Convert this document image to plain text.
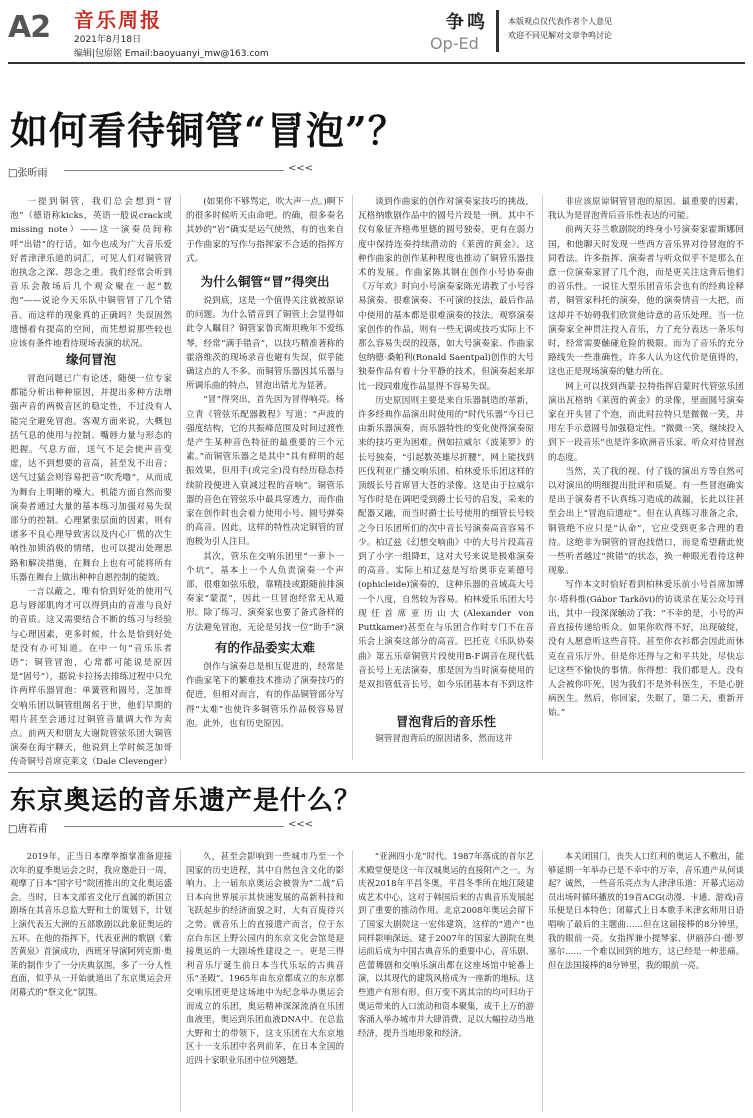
A2 音乐周报
2021年8月18日
编辑|包原铭 Email:baoyuanyi_mw@163.com
争鸣
Op-Ed
本版观点仅代表作者个人意见
欢迎不同见解对文章争鸣讨论
如何看待铜管“冒泡”？
□张昕雨	<<<

一提到铜管，我们总会想到“冒泡”（德语称kicks，英语一般说crack或missing note）——这一演奏员间称呼“出错”的行话，如今也成为广大音乐爱好者津津乐道的词汇，可见人们对铜管冒泡执念之深、怨念之重。我们经常会听到音乐会散场后几个观众聚在一起“数泡”——说论今天乐队中铜管冒了几个错音。而这样的现象真的正确吗？失误固然遗憾着有提高的空间，而凭想说那些较也应该有条件地看待现场表演的状况。

缘何冒泡

冒泡问题已广有论述，随便一位专家都能分析出种种原因，并提出多种方法增强声音的两极音区的稳定性，不过没有人能完全避免冒泡。客观方面来说，大概包括气息的使用与控制、嘴唇力量与形态的把握。气息方面，送气不足会使声音变虚，达不到想要的音高，甚至发不出音；送气过猛会则容易把音“吹秃噜”，从而成为舞台上明晰的噪大。机能方面自然而要演奏者通过大量的基本练习加强对易失误部分的控制。心理紧张层面的因素，则有诸多不良心理导致害以及内心厂慌的次生响性加锁消极的情绪，也可以提出处理思路和解决措施，在舞台上也有可能将所有乐器在舞台上做出种种自愿控制的能效。

一言以蔽之，唯有恰到好处的使用气息与唇部肌肉才可以得到由的音准与良好的音质。这又需要结合不断的练习与经验与心理因素，更多时候，什么是恰到好处是没有办可知道。在中一句“音乐乐者语”；铜管冒泡，心常都可能说是原因是“固号”），据说卡拉扬去排练过程中只允许两样乐器冒泡：单簧管和圆号，芝加哥交响乐团以铜管组阁名于世，他们早期的唱片甚至会通过过铜管音量调大作为卖点。前两天和朋友大谢院管弦乐团大铜管演奏在海宇聊天，他说到上学时候芝加哥传奇铜号首席克莱文（Dale Clevenger）

(如果你不够骂定，吹大声一点。)啊下的很多时候听天由命吧。的确，很多奏名其妙的“岩”确实是运气使然，有的也来自于作曲家的写作与指挥家不合适的指挥方式。

为什么铜管“冒”得突出

说到底，这是一个值得关注就被原谅的问题。为什么错音到了铜管上会显得如此令人瞩目？铜管家鲁宾斯坦晚年不爱练琴，经常“满手错音”，以技巧精准著称的霍洛维茨的现场录音也避有失误，似乎能确这点的人不多。而铜管乐器因其乐器与所调乐曲的特点，冒泡出错尤为显著。

“冒”得突出，首先因为冒得响亮。杨立青《管弦乐配器教程》写道：“声波的强度结构，它的共振峰范围及时间过渡性是产生某种音色特征的最重要的三个元素。”而铜管乐器之是其中“具有鲜明的起振效果，但用手(或完全)没有经历稳态持续阶段便进入衰减过程的音响”。铜管乐器的音色在管弦乐中最具穿透力，而作曲家在创作时也会着力使用小号、圆号弹奏的高音。因此，这样的特性决定铜管的冒泡极为引人注目。

其次，管乐在交响乐团里“一萝卜一个坑”，基本上一个人负责演奏一个声部，很难如弦乐般，靠精技或跟随前排演奏家“蒙混”，因此一旦冒泡经常无从遁形。除了练习，演奏家也要了备式备样的方法避免冒泡，无论是另找一位“助手”演

有的作品委实太难

创作与演奏总是相互促进的，经常是作曲家笔下的繁难技术推动了演奏技巧的促进，但相对而言，有的作品铜管部分写得“太难”也使许多铜管乐作品极容易冒泡。此外，也有历史原因。

谈到作曲家的创作对演奏家技巧的挑战，瓦格纳歌剧作品中的圆号片段是一例。其中不仅有象征齐格弗里德的圆号独奏，更有在弱力度中保持连奏持续潜动的《莱茵的黄金》。这种作曲家的创作某种程度也推动了铜管乐器技术的发展。作曲家陈其钢在创作小号协奏曲《万年欢》时向小号演奏家陈光请教了小号容易演奏、很难演奏、不可演的技法，最后作品中使用的基本都是很难演奏的技法。观察演奏家创作的作品，则有一些无调或技巧实际上不那么容易失误的段落，如大号演奏家、作曲家包纳德·桑帕利(Ronald Saentpal)创作的大号独奏作品有着十分平静的技术，但演奏起来却比一段同难度作品显得不容易失误。

历史原因则主要是来自乐器制造的革新，许多经典作品演出时使用的“时代乐器”今日已由新乐器演奏，而乐器特性的变化使得演奏原来的技巧更为困难。例如拉威尔《波莱罗》的长号独奏，“引起数英雄尽折腰”，网上能找到匹伐利亚广播交响乐团、柏林爱乐乐团这样的顶级长号首席冒大苍的录像。这是由于拉威尔写作时是在调吧受到爵士长号的启发，采来的配器又融，而当时爵士长号使用的细管长号较之今日乐团所们的次中音长号演奏高音容易不少。柏辽兹《幻想交响曲》中的大号片段高音到了小字一组降E，这对大号来说是极难演奏的高音。实际上柏辽兹是写给奥菲克莱德号(ophicleide)演奏的，这种乐器的音域高大号一个八度，自然较为容易。柏林爱乐乐团大号现任首席亚历山大(Alexander von Puttkamer)甚至在与乐团合作时专门不在音乐会上演奏这部分的高音。巴托克《乐队协奏曲》第五乐章铜管片段使用B-F调音在现代低音长号上无法演奏，那是因为当时演奏使用的是双扣管低音长号，如今乐团基本有不到这件

冒泡背后的音乐性

铜管冒泡背后的原因诸多，然而这并

非应该原谅铜管冒泡的原因。最重要的因素，我认为是冒泡背后音乐性表达的可能。

前两天芬兰歌剧院的终身小号演奏家霍斯娜回国，和他聊天时发现一些西方音乐界对待冒泡的不同看法。许多指挥、演奏者与听众似乎不是那么在意一位演奏家冒了几个泡，而是更关注这背后他们的音乐性。一说往大型乐团音乐会也有的经典诠释者，铜管家科托的演奏，他的演奏情音一大把，而这却并不妨碍我们欣赏他诗意的音乐处理。当一位演奏家全神贯注投入音乐，力了充分表达一条乐句时，经常需要触碰危险的极限。而为了音乐的充分路线失一些准确性，许多人认为这代价是值得的，这也正是现场演奏的魅力所在。

网上可以找到西蒙·拉特指挥启蒙时代管弦乐团演出瓦格纳《莱茵的黄金》的录像，里面圆号演奏家在开头冒了个泡，而此时拉特只是微微一笑，并用左手示意圆号加强稳定性。“微微一笑，继续投入到下一段音乐”也是许多欧洲音乐家、听众对待冒泡的态度。

当然，关了我的视、付了钱的演出方等自然可以对演出的明细提出批评和质疑。有一些冒泡确实是出于演奏者不认真练习造成的疏漏，长此以往甚至会出上“冒泡后遗症”。但在认真练习准备之余，铜管绝不应只是“认命”，它应受到更多合理的看待。这绝非为铜管的冒泡找借口，而是希望藉此使一些听者越过“挑错”的状态，换一种眼光看待这种现象。

写作本文时恰好看到柏林爱乐前小号首席加博尔·塔科维(Gábor Tarkövi)的访谈录在某公众号刊出，其中一段深深触动了我：“不幸的是，小号的声音直接传递给听众。如果你吹得不好，出现破绽，没有人愿意听这些音符。甚至你衣衫都会因此而休克在音乐厅外。但是你还得与之和平共处，尽快忘记这些不愉快的事情。你得想：我们都是人。没有人会被你吓死，因为我们不是外科医生，不是心脏病医生。然后，你回家，失眠了，第二天，重新开始。”

东京奥运的音乐遗产是什么？
□唐若甫	<<<

2019年，正当日本摩拳擦掌准备迎接次年的夏季奥运会之时，我应邀赴日一周，观摩了日本“国字号”院团推出的文化奥运盛会。当时，日本文部省文化厅直属的新国立剧场在其音乐总监大野和士的策划下，计划上演代表五大洲的五部歌剧以此象征奥运的五环。在他的指挥下，代表亚洲的歌剧《紫苦黄泉》首演成功，西班牙导演阿列克斯·奥莱的制作少了一分庆典氛围，多了一分人性直面，似乎从一开始就道出了东京奥运会开闭幕式的“祭文化”氛围。

久，甚至会影响到一些城市乃至一个国家的历史进程，其中自然包含文化的影响力。上一届东京奥运会被誉为“二战”后日本向世界展示其快速发展的高新科技和飞跃起步的经济面貌之时，大有百废待兴之势。就音乐上的直接遗产而言，位于东京台东区上野公园内的东京文化会馆是迎接奥运的一大剧场性建设之一。更是三得利音乐厅诞生前日本当代乐坛的古典音乐“圣殿”。1965年由东京都成立的东京都交响乐团更是这场地中为纪念举办奥运会而成立的乐团，奥运精神深深流淌在乐团血液里，奥运到乐团血液DNA中。在总监大野和士的带领下，这支乐团在大东京地区十一支乐团中名列前茅，在日本全国的近四十家职业乐团中位列翘楚。

“亚洲四小龙”时代。1987年落成的首尔艺术殿堂便是这一年汉城奥运的直接附产之一。为庆祝2018年平昌冬奥，平昌冬季所在地江陵建成艺术中心，这对于韩国后来的古典音乐发展起到了重要的推动作用。北京2008年奥运会留下了国家大剧院这一宏伟建筑，这样的“遗产”也同样影响深远。建于2007年的国家大剧院在奥运前后成为中国古典音乐的重要中心，音乐剧、芭蕾舞剧和交响乐演出都在这座场馆中轮番上演，以其现代的建筑风格成为一座新的地标。这些遗产有形有形，但万变不离其宗的均可归功于奥运带来的人口流动和资本聚集，成千上万的游客涌入举办城市并大肆消费，足以大幅拉动当地经济，提升当地形象和经济。

本关闭国门，丧失人口红利的奥运人不敷出，能够延期一年举办已是不幸中的万幸，音乐遗产从何谈起？诚然，一些音乐亮点为人津津乐道：开幕式运动员出场时循环播放的19首ACG(动漫、卡通、游戏)音乐便是日本特色；闭幕式上日本歌手米津玄师用日语唱响了最后的主题曲……但在这届接棒的8分钟里，我的眼前一亮。女指挥兼小提琴家、伊丽莎白·德·罗塞尔……一个难以回到的地方，这已经是一种悲痛。但在法国接棒的8分钟里，我的眼前一亮。
